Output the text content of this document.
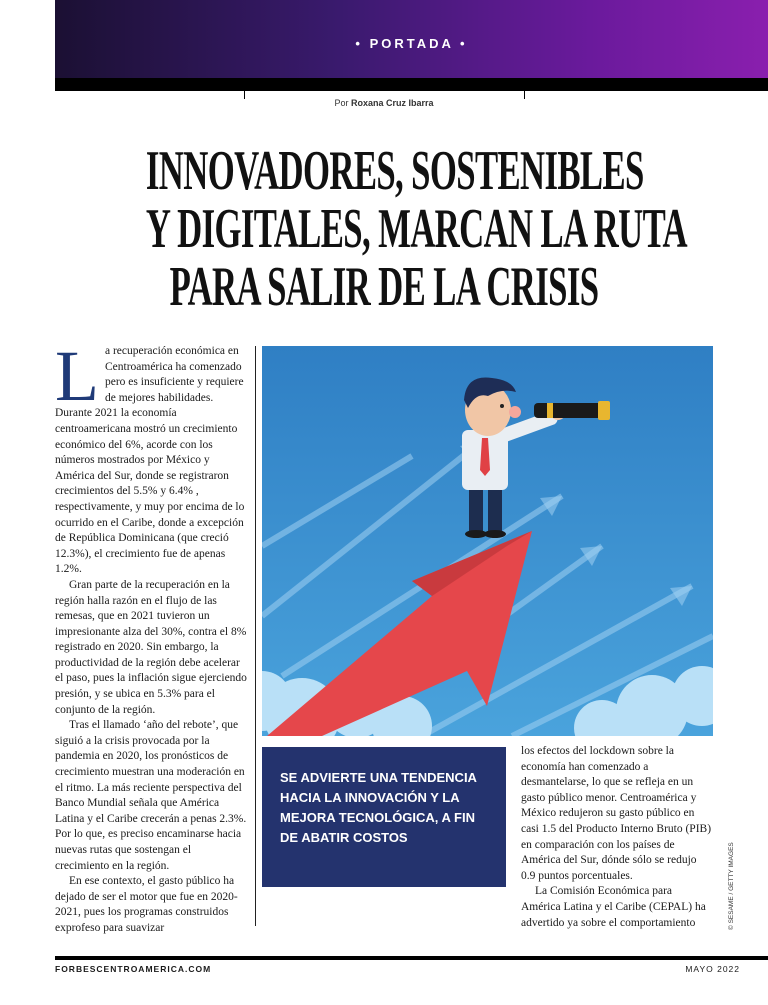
• PORTADA •
Por Roxana Cruz Ibarra
INNOVADORES, SOSTENIBLES
Y DIGITALES, MARCAN LA RUTA
PARA SALIR DE LA CRISIS

La recuperación económica en Centroamérica ha comenzado pero es insuficiente y requiere de mejores habilidades. Durante 2021 la economía centroamericana mostró un crecimiento económico del 6%, acorde con los números mostrados por México y América del Sur, donde se registraron crecimientos del 5.5% y 6.4% , respectivamente, y muy por encima de lo ocurrido en el Caribe, donde a excepción de República Dominicana (que creció 12.3%), el crecimiento fue de apenas 1.2%.

Gran parte de la recuperación en la región halla razón en el flujo de las remesas, que en 2021 tuvieron un impresionante alza del 30%, contra el 8% registrado en 2020. Sin embargo, la productividad de la región debe acelerar el paso, pues la inflación sigue ejerciendo presión, y se ubica en 5.3% para el conjunto de la región.

Tras el llamado ‘año del rebote’, que siguió a la crisis provocada por la pandemia en 2020, los pronósticos de crecimiento muestran una moderación en el ritmo. La más reciente perspectiva del Banco Mundial señala que América Latina y el Caribe crecerán a penas 2.3%. Por lo que, es preciso encaminarse hacia nuevas rutas que sostengan el crecimiento en la región.

En ese contexto, el gasto público ha dejado de ser el motor que fue en 2020-2021, pues los programas construidos exprofeso para suavizar

SE ADVIERTE UNA TENDENCIA HACIA LA INNOVACIÓN Y LA MEJORA TECNOLÓGICA, A FIN DE ABATIR COSTOS

los efectos del lockdown sobre la economía han comenzado a desmantelarse, lo que se refleja en un gasto público menor. Centroamérica y México redujeron su gasto público en casi 1.5 del Producto Interno Bruto (PIB) en comparación con los países de América del Sur, dónde sólo se redujo 0.9 puntos porcentuales.

La Comisión Económica para América Latina y el Caribe (CEPAL) ha advertido ya sobre el comportamiento	© SESAME / GETTY IMAGES
FORBESCENTROAMERICA.COM	MAYO 2022
